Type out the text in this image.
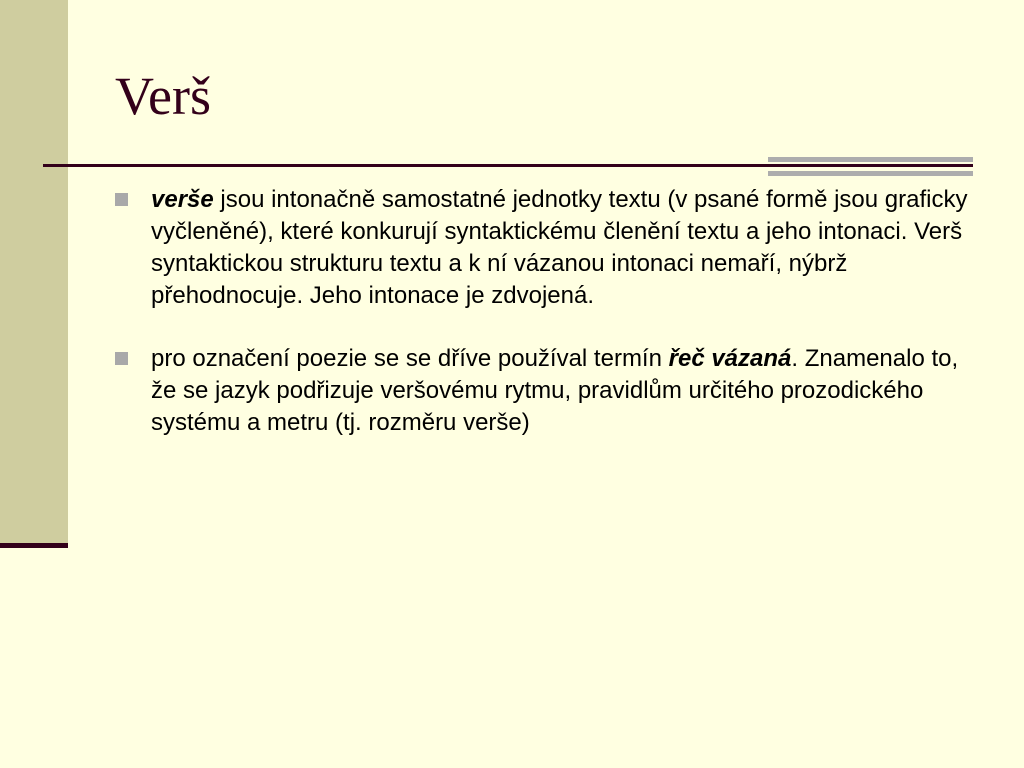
Verš
verše jsou intonačně samostatné jednotky textu (v psané formě jsou graficky vyčleněné), které konkurují syntaktickému členění textu a jeho intonaci. Verš syntaktickou strukturu textu a k ní vázanou intonaci nemaří, nýbrž přehodnocuje. Jeho intonace je zdvojená.
pro označení poezie se se dříve používal termín řeč vázaná. Znamenalo to, že se jazyk podřizuje veršovému rytmu, pravidlům určitého prozodického systému a metru (tj. rozměru verše)
